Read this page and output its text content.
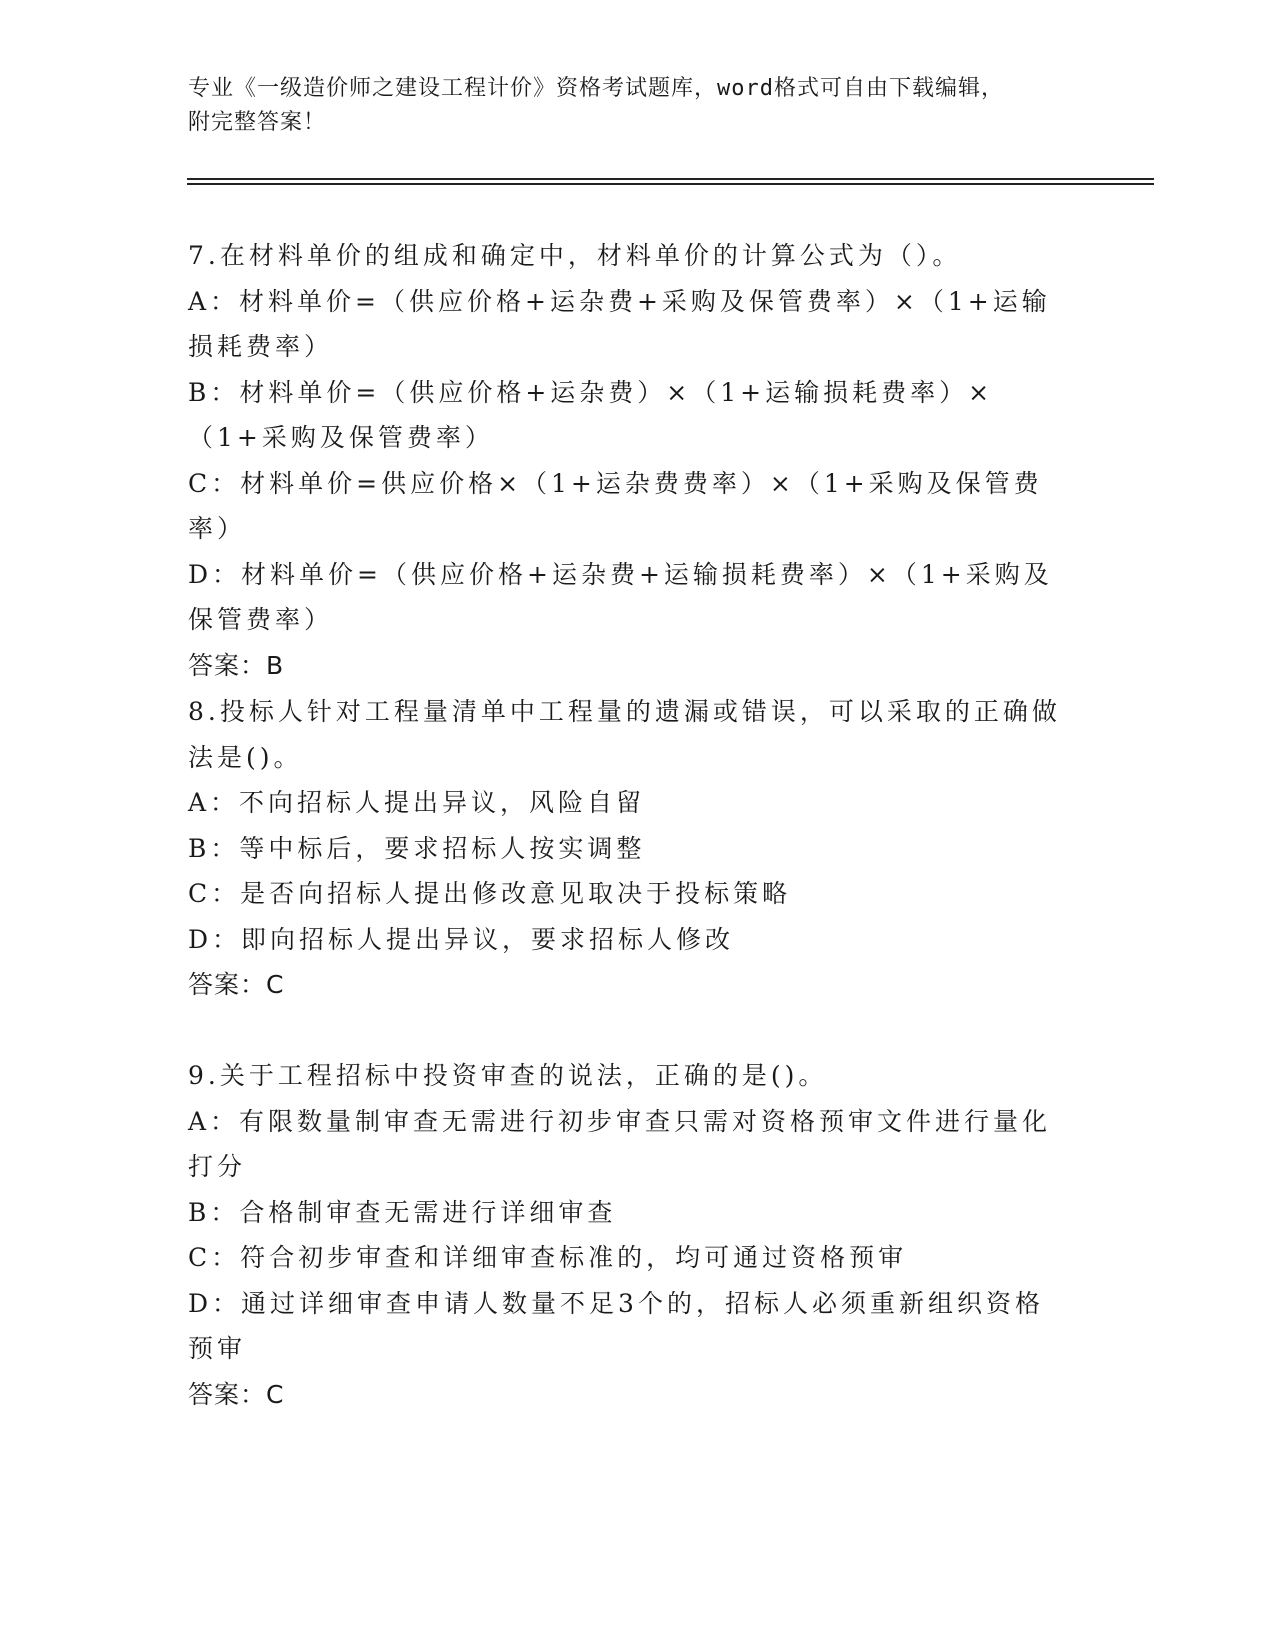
专业《一级造价师之建设工程计价》资格考试题库，word格式可自由下载编辑，
附完整答案！

7.在材料单价的组成和确定中，材料单价的计算公式为（）。

A：材料单价=（供应价格+运杂费+采购及保管费率）×（1+运输损耗费率）

B：材料单价=（供应价格+运杂费）×（1+运输损耗费率）×（1+采购及保管费率）

C：材料单价=供应价格×（1+运杂费费率）×（1+采购及保管费率）

D：材料单价=（供应价格+运杂费+运输损耗费率）×（1+采购及保管费率）

答案：B

8.投标人针对工程量清单中工程量的遗漏或错误，可以采取的正确做法是()。

A：不向招标人提出异议，风险自留

B：等中标后，要求招标人按实调整

C：是否向招标人提出修改意见取决于投标策略

D：即向招标人提出异议，要求招标人修改

答案：C

9.关于工程招标中投资审查的说法，正确的是()。

A：有限数量制审查无需进行初步审查只需对资格预审文件进行量化打分

B：合格制审查无需进行详细审查

C：符合初步审查和详细审查标准的，均可通过资格预审

D：通过详细审查申请人数量不足3个的，招标人必须重新组织资格预审

答案：C
